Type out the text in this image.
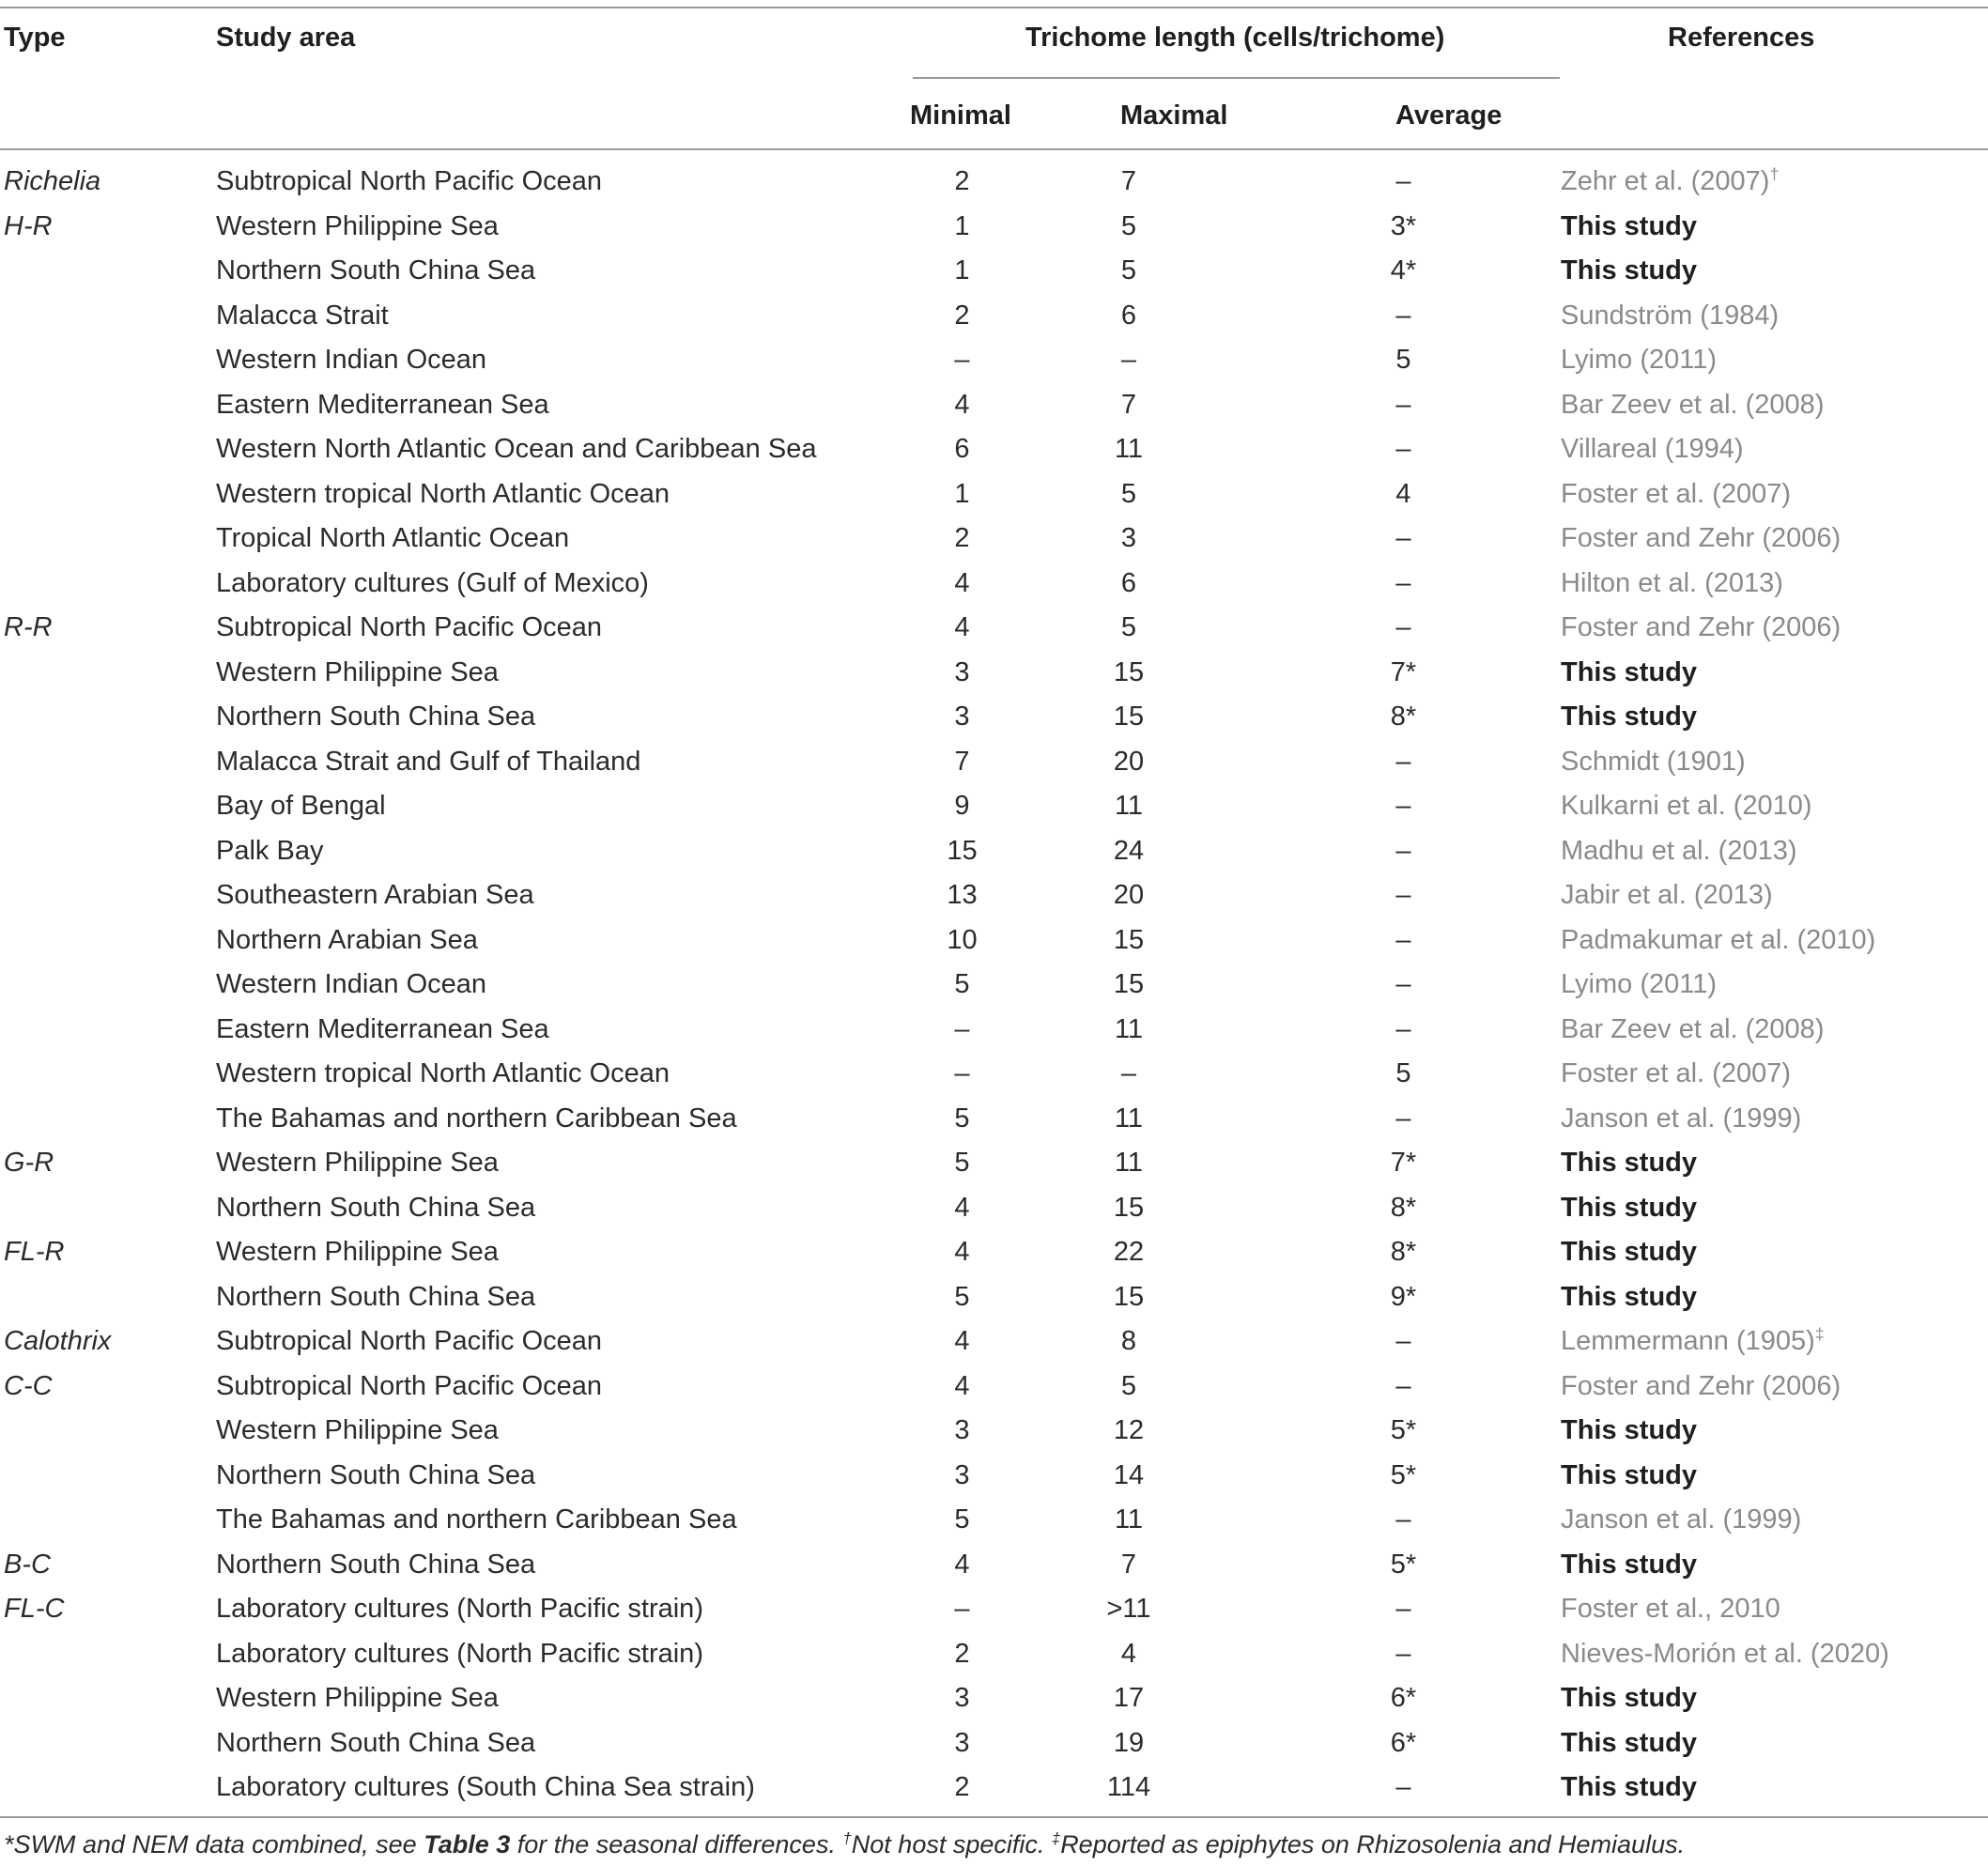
Type	Study area	Trichome length (cells/trichome)
Minimal	Maximal	Average
References
Richelia	Subtropical North Pacific Ocean	2	7	–	Zehr et al. (2007)†
H-R	Western Philippine Sea	1	5	3*	This study
	Northern South China Sea	1	5	4*	This study
	Malacca Strait	2	6	–	Sundström (1984)
	Western Indian Ocean	–	–	5	Lyimo (2011)
	Eastern Mediterranean Sea	4	7	–	Bar Zeev et al. (2008)
	Western North Atlantic Ocean and Caribbean Sea	6	11	–	Villareal (1994)
	Western tropical North Atlantic Ocean	1	5	4	Foster et al. (2007)
	Tropical North Atlantic Ocean	2	3	–	Foster and Zehr (2006)
	Laboratory cultures (Gulf of Mexico)	4	6	–	Hilton et al. (2013)
R-R	Subtropical North Pacific Ocean	4	5	–	Foster and Zehr (2006)
	Western Philippine Sea	3	15	7*	This study
	Northern South China Sea	3	15	8*	This study
	Malacca Strait and Gulf of Thailand	7	20	–	Schmidt (1901)
	Bay of Bengal	9	11	–	Kulkarni et al. (2010)
	Palk Bay	15	24	–	Madhu et al. (2013)
	Southeastern Arabian Sea	13	20	–	Jabir et al. (2013)
	Northern Arabian Sea	10	15	–	Padmakumar et al. (2010)
	Western Indian Ocean	5	15	–	Lyimo (2011)
	Eastern Mediterranean Sea	–	11	–	Bar Zeev et al. (2008)
	Western tropical North Atlantic Ocean	–	–	5	Foster et al. (2007)
	The Bahamas and northern Caribbean Sea	5	11	–	Janson et al. (1999)
G-R	Western Philippine Sea	5	11	7*	This study
	Northern South China Sea	4	15	8*	This study
FL-R	Western Philippine Sea	4	22	8*	This study
	Northern South China Sea	5	15	9*	This study
Calothrix	Subtropical North Pacific Ocean	4	8	–	Lemmermann (1905)‡
C-C	Subtropical North Pacific Ocean	4	5	–	Foster and Zehr (2006)
	Western Philippine Sea	3	12	5*	This study
	Northern South China Sea	3	14	5*	This study
	The Bahamas and northern Caribbean Sea	5	11	–	Janson et al. (1999)
B-C	Northern South China Sea	4	7	5*	This study
FL-C	Laboratory cultures (North Pacific strain)	–	>11	–	Foster et al., 2010
	Laboratory cultures (North Pacific strain)	2	4	–	Nieves-Morión et al. (2020)
	Western Philippine Sea	3	17	6*	This study
	Northern South China Sea	3	19	6*	This study
	Laboratory cultures (South China Sea strain)	2	114	–	This study
*SWM and NEM data combined, see Table 3 for the seasonal differences. †Not host specific. ‡Reported as epiphytes on Rhizosolenia and Hemiaulus.
